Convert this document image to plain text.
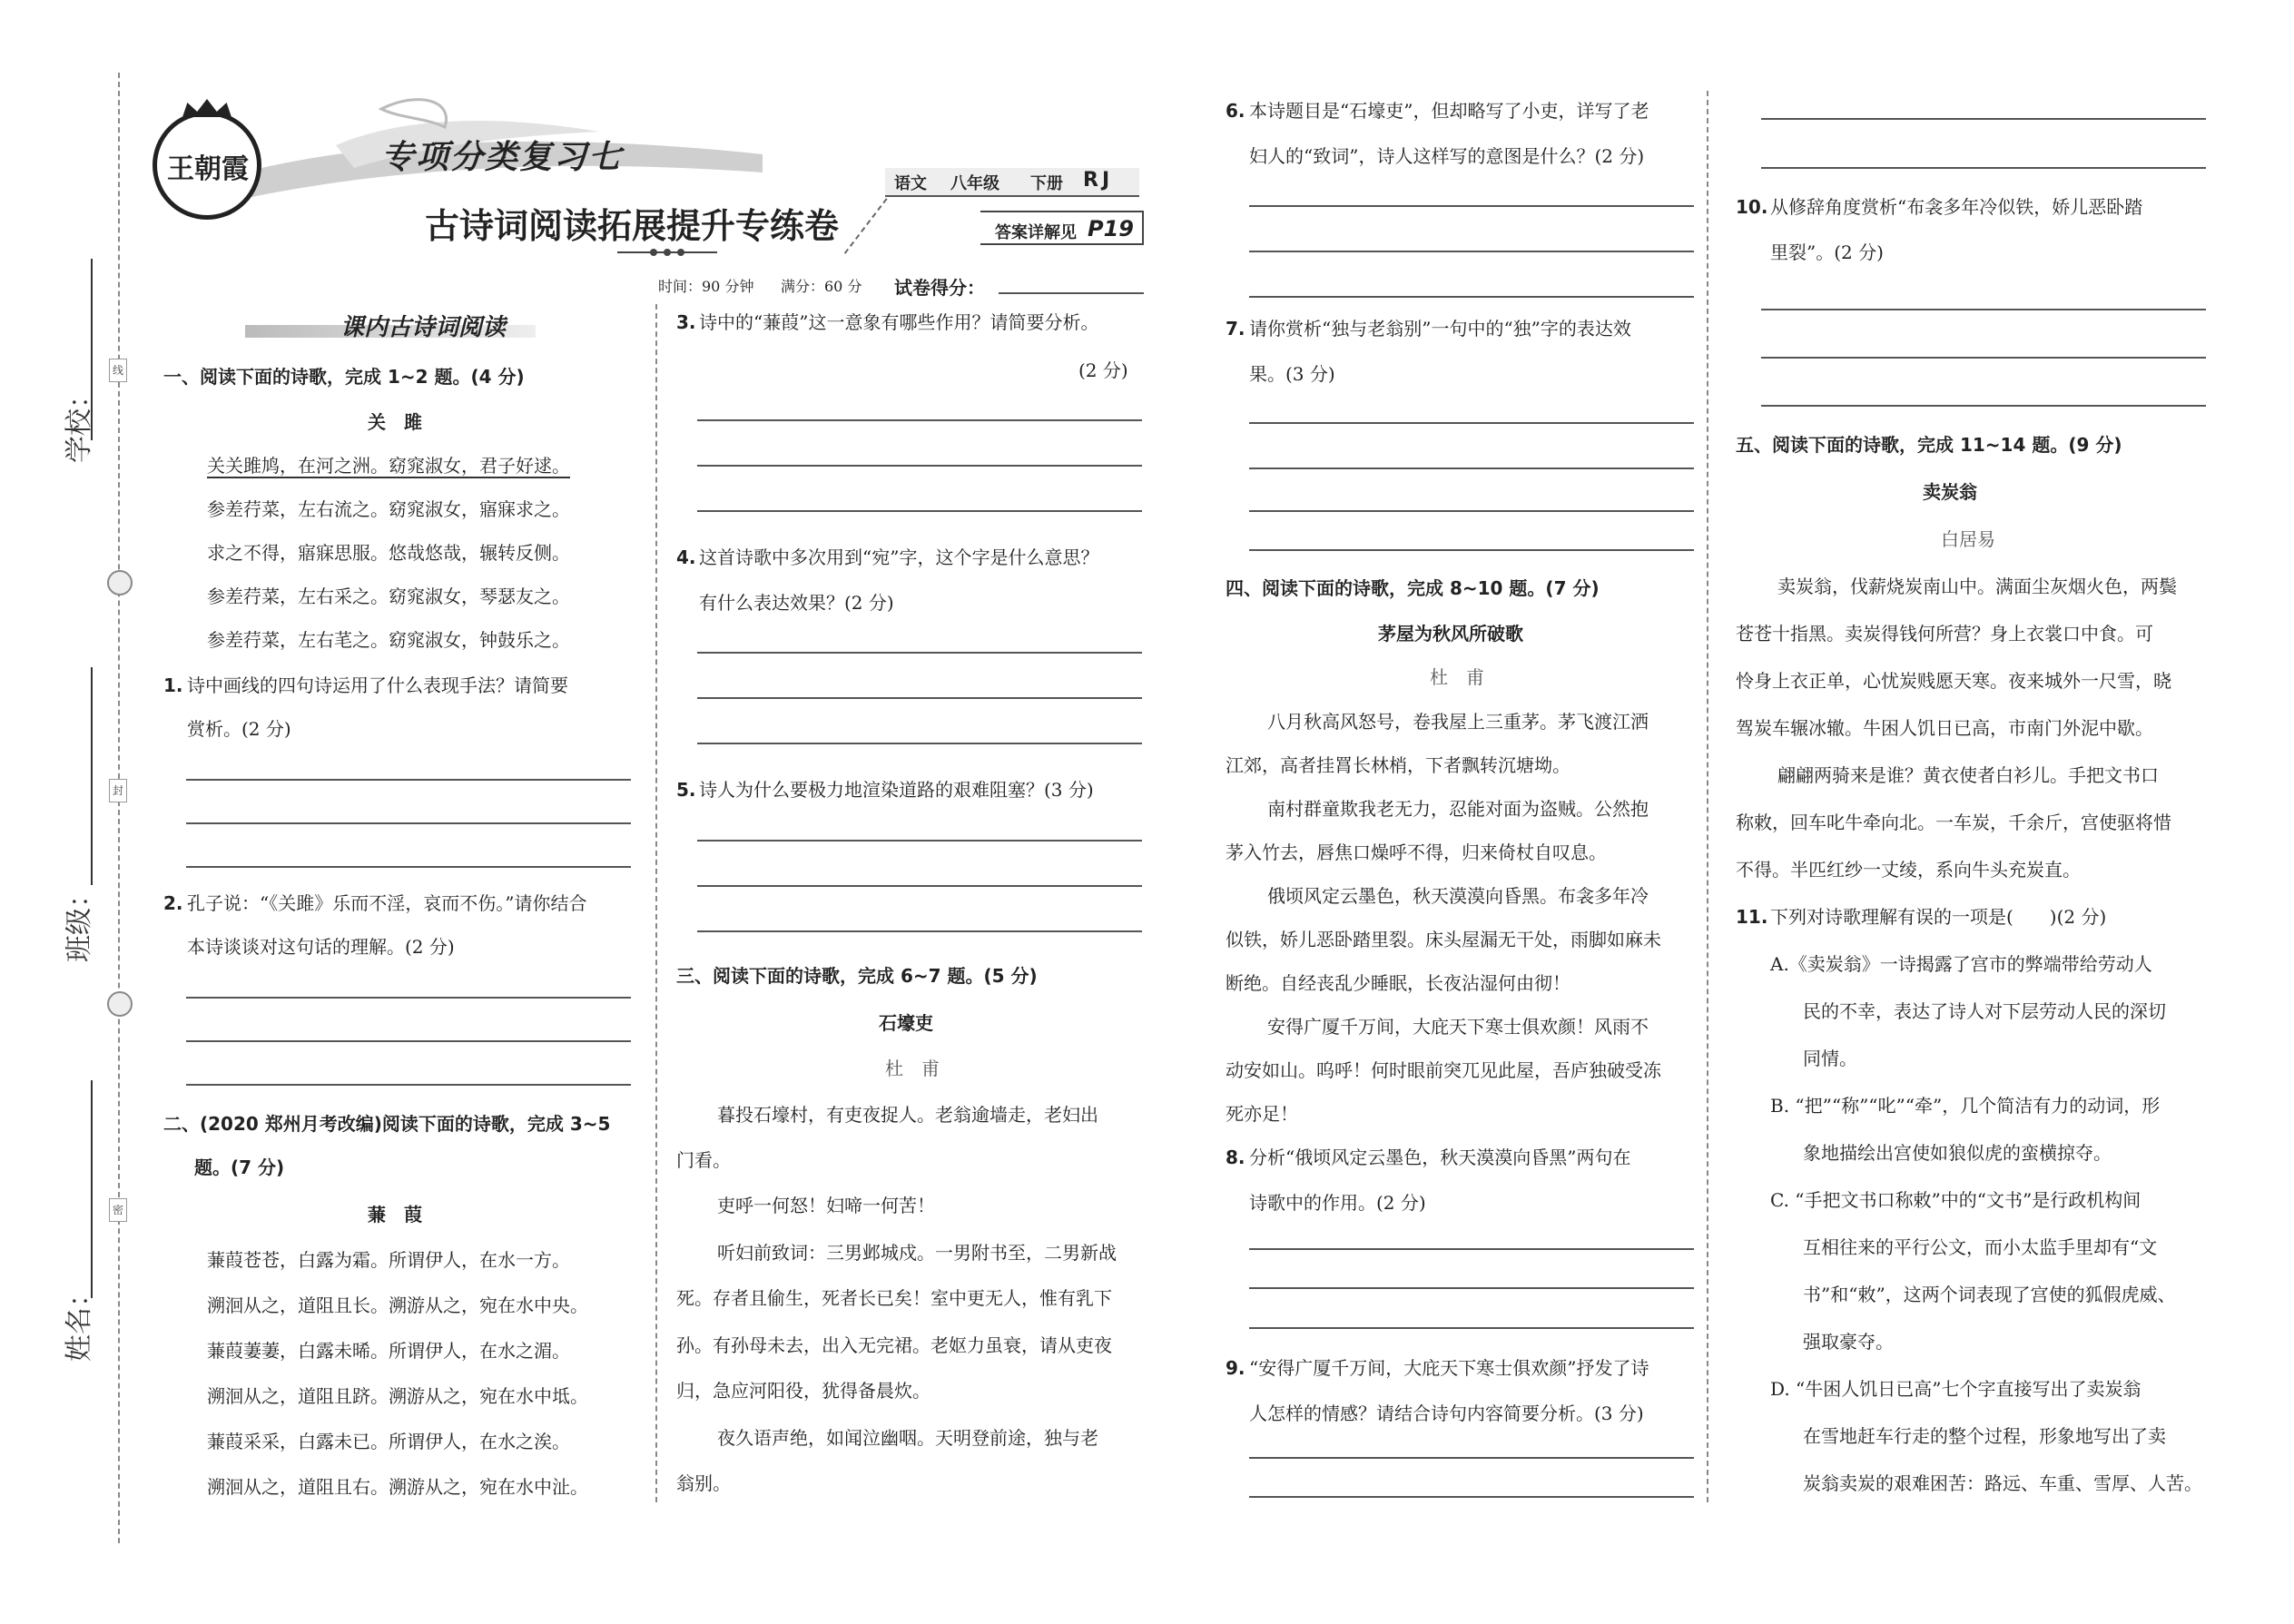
学校：
班级：
姓名：
线
封
密
王朝霞	专项分类复习七
古诗词阅读拓展提升专练卷
语文 八年级 下册 RJ
答案详解见 P19
时间：90 分钟 满分：60 分 试卷得分：
课内古诗词阅读
一、阅读下面的诗歌，完成 1~2 题。(4 分)
关　雎
关关雎鸠，在河之洲。窈窕淑女，君子好逑。
参差荇菜，左右流之。窈窕淑女，寤寐求之。
求之不得，寤寐思服。悠哉悠哉，辗转反侧。
参差荇菜，左右采之。窈窕淑女，琴瑟友之。
参差荇菜，左右芼之。窈窕淑女，钟鼓乐之。
1. 诗中画线的四句诗运用了什么表现手法？请简要
赏析。(2 分)
2. 孔子说：“《关雎》乐而不淫，哀而不伤。”请你结合
本诗谈谈对这句话的理解。(2 分)
二、(2020 郑州月考改编)阅读下面的诗歌，完成 3~5
题。(7 分)
蒹　葭
蒹葭苍苍，白露为霜。所谓伊人，在水一方。
溯洄从之，道阻且长。溯游从之，宛在水中央。
蒹葭萋萋，白露未晞。所谓伊人，在水之湄。
溯洄从之，道阻且跻。溯游从之，宛在水中坻。
蒹葭采采，白露未已。所谓伊人，在水之涘。
溯洄从之，道阻且右。溯游从之，宛在水中沚。
3. 诗中的“蒹葭”这一意象有哪些作用？请简要分析。
(2 分)
4. 这首诗歌中多次用到“宛”字，这个字是什么意思？
有什么表达效果？(2 分)
5. 诗人为什么要极力地渲染道路的艰难阻塞？(3 分)
三、阅读下面的诗歌，完成 6~7 题。(5 分)
石壕吏
杜　甫
暮投石壕村，有吏夜捉人。老翁逾墙走，老妇出
门看。
吏呼一何怒！妇啼一何苦！
听妇前致词：三男邺城戍。一男附书至，二男新战
死。存者且偷生，死者长已矣！室中更无人，惟有乳下
孙。有孙母未去，出入无完裙。老妪力虽衰，请从吏夜
归，急应河阳役，犹得备晨炊。
夜久语声绝，如闻泣幽咽。天明登前途，独与老
翁别。
6. 本诗题目是“石壕吏”，但却略写了小吏，详写了老
妇人的“致词”，诗人这样写的意图是什么？(2 分)
7. 请你赏析“独与老翁别”一句中的“独”字的表达效
果。(3 分)
四、阅读下面的诗歌，完成 8~10 题。(7 分)
茅屋为秋风所破歌
杜　甫
八月秋高风怒号，卷我屋上三重茅。茅飞渡江洒
江郊，高者挂罥长林梢，下者飘转沉塘坳。
南村群童欺我老无力，忍能对面为盗贼。公然抱
茅入竹去，唇焦口燥呼不得，归来倚杖自叹息。
俄顷风定云墨色，秋天漠漠向昏黑。布衾多年冷
似铁，娇儿恶卧踏里裂。床头屋漏无干处，雨脚如麻未
断绝。自经丧乱少睡眠，长夜沾湿何由彻！
安得广厦千万间，大庇天下寒士俱欢颜！风雨不
动安如山。呜呼！何时眼前突兀见此屋，吾庐独破受冻
死亦足！
8. 分析“俄顷风定云墨色，秋天漠漠向昏黑”两句在
诗歌中的作用。(2 分)
9. “安得广厦千万间，大庇天下寒士俱欢颜”抒发了诗
人怎样的情感？请结合诗句内容简要分析。(3 分)
10. 从修辞角度赏析“布衾多年冷似铁，娇儿恶卧踏
里裂”。(2 分)
五、阅读下面的诗歌，完成 11~14 题。(9 分)
卖炭翁
白居易
卖炭翁，伐薪烧炭南山中。满面尘灰烟火色，两鬓
苍苍十指黑。卖炭得钱何所营？身上衣裳口中食。可
怜身上衣正单，心忧炭贱愿天寒。夜来城外一尺雪，晓
驾炭车辗冰辙。牛困人饥日已高，市南门外泥中歇。
翩翩两骑来是谁？黄衣使者白衫儿。手把文书口
称敕，回车叱牛牵向北。一车炭，千余斤，宫使驱将惜
不得。半匹红纱一丈绫，系向牛头充炭直。
11. 下列对诗歌理解有误的一项是(　　)(2 分)
A.《卖炭翁》一诗揭露了宫市的弊端带给劳动人
民的不幸，表达了诗人对下层劳动人民的深切
同情。
B. “把”“称”“叱”“牵”，几个简洁有力的动词，形
象地描绘出宫使如狼似虎的蛮横掠夺。
C. “手把文书口称敕”中的“文书”是行政机构间
互相往来的平行公文，而小太监手里却有“文
书”和“敕”，这两个词表现了宫使的狐假虎威、
强取豪夺。
D. “牛困人饥日已高”七个字直接写出了卖炭翁
在雪地赶车行走的整个过程，形象地写出了卖
炭翁卖炭的艰难困苦：路远、车重、雪厚、人苦。
